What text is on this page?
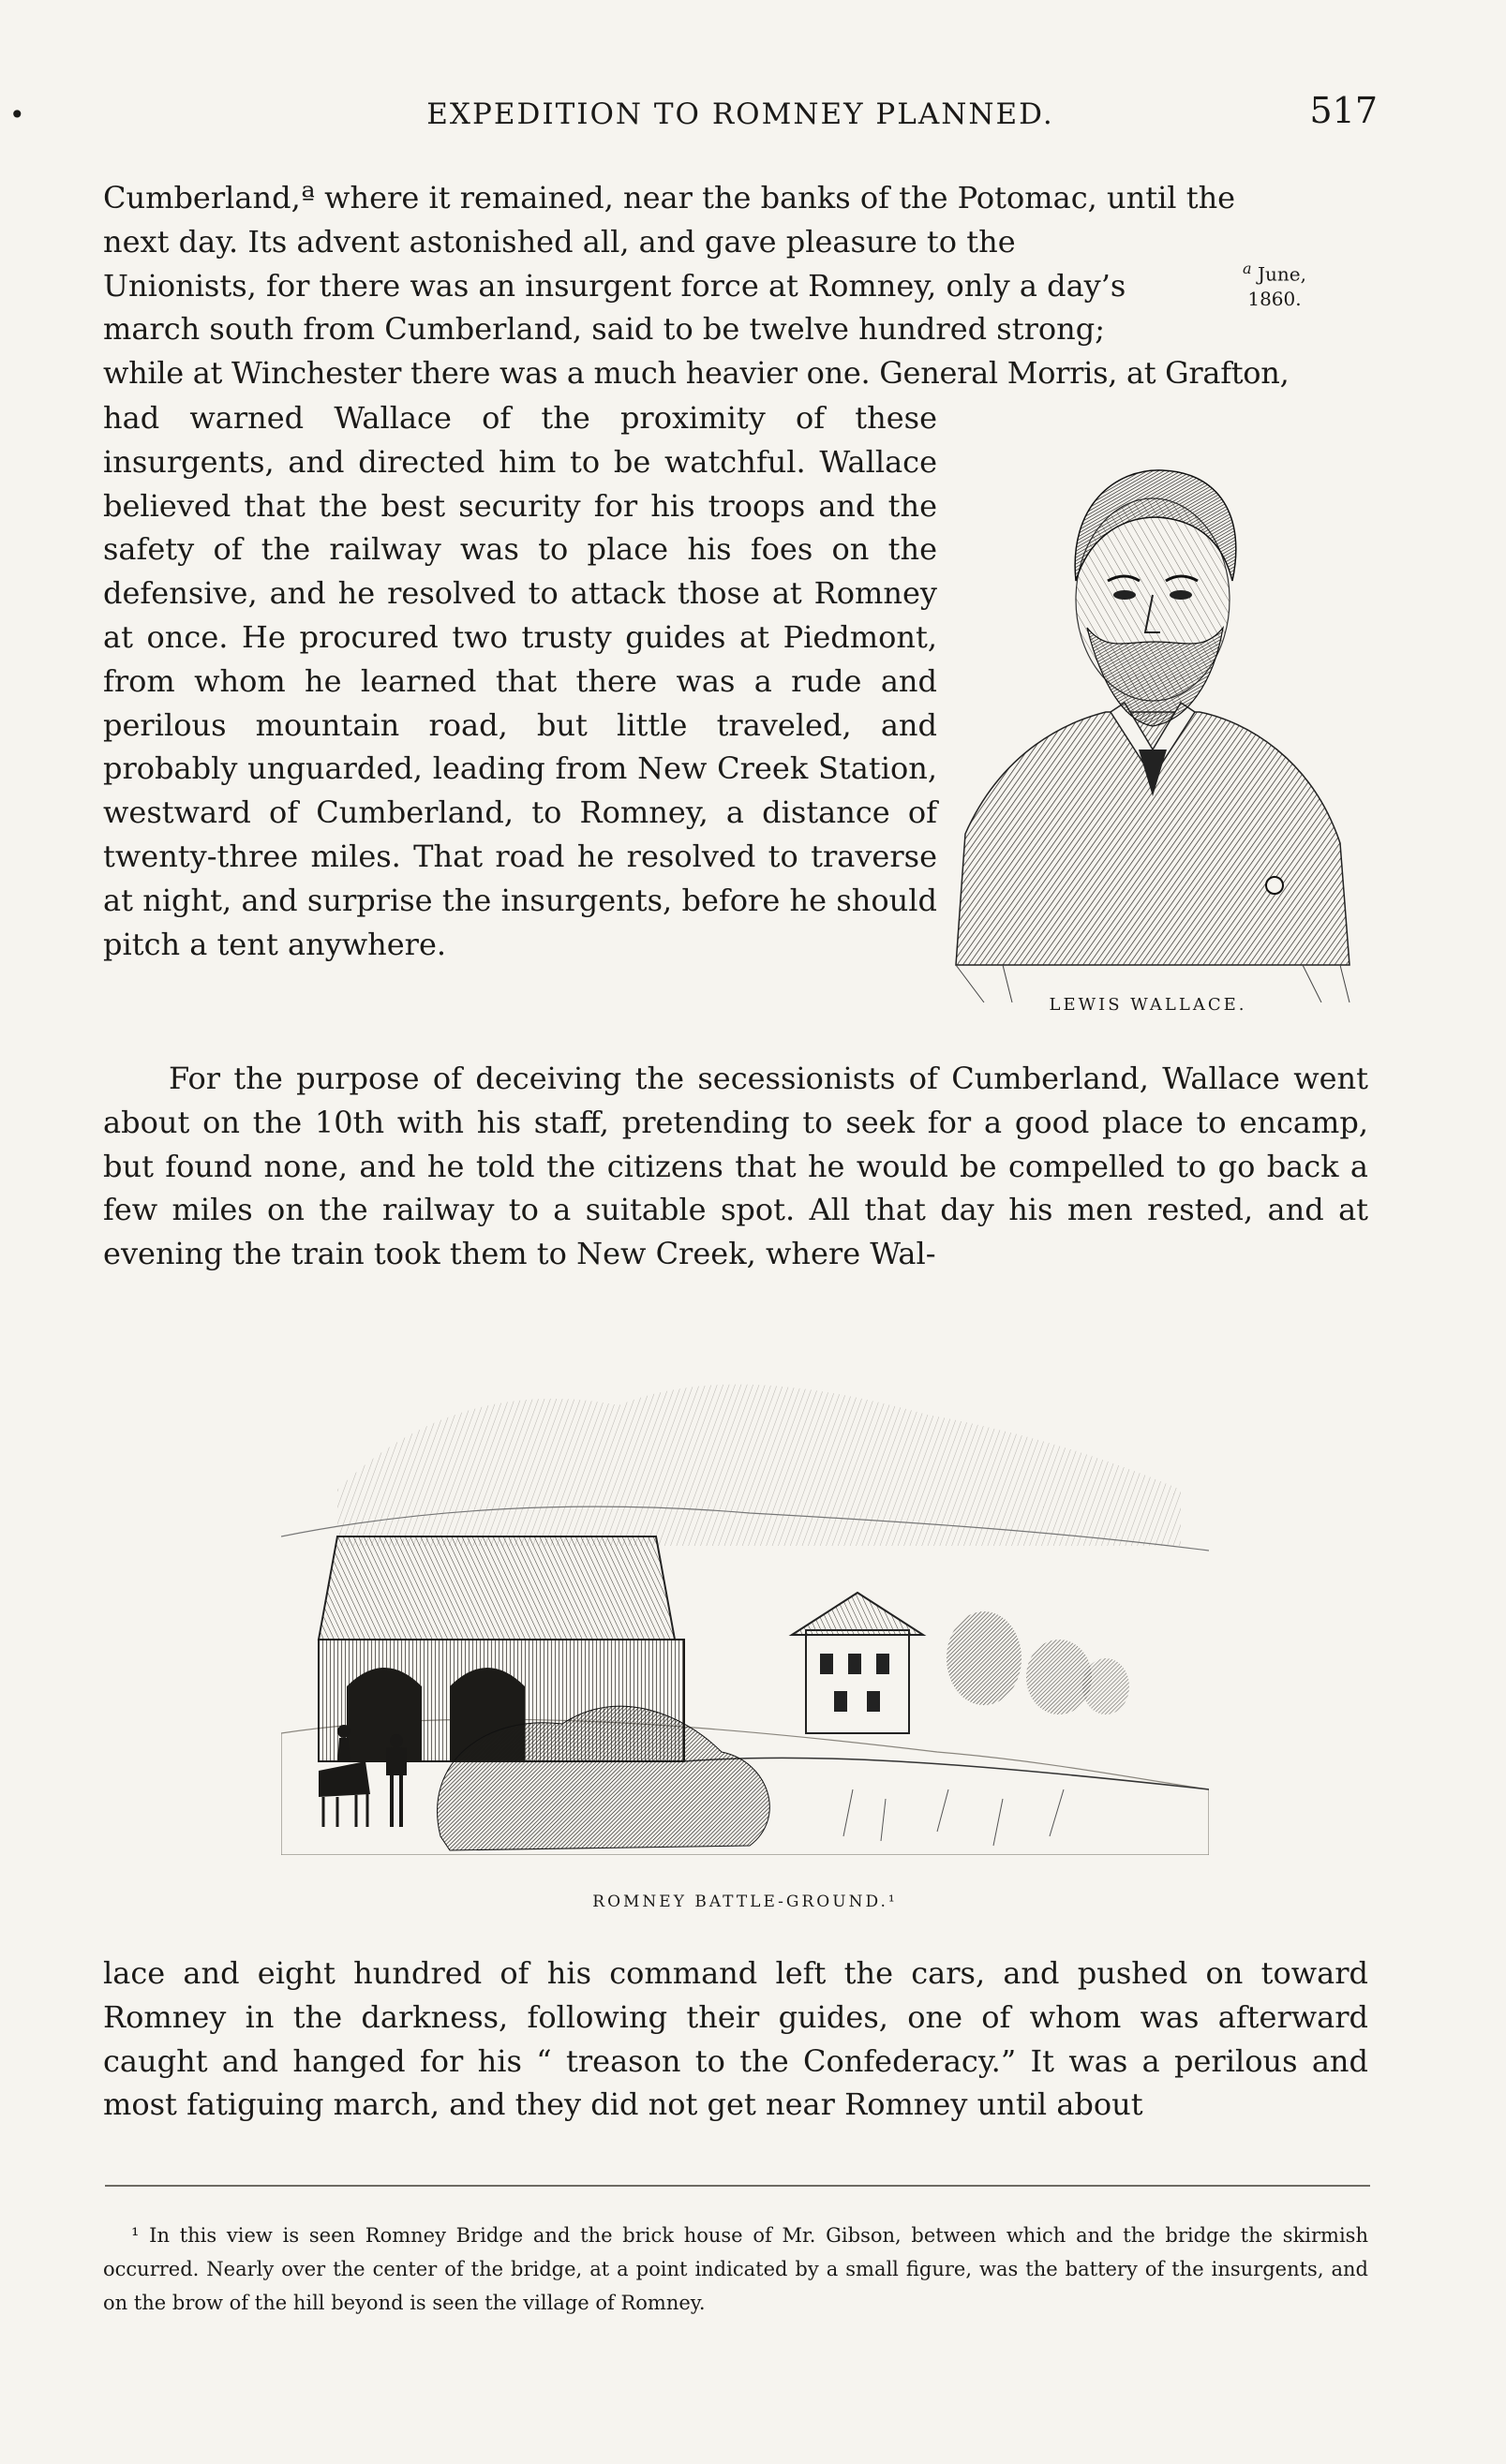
•	EXPEDITION TO ROMNEY PLANNED.	517

Cumberland,ª where it remained, near the banks of the Potomac, until the

next day. Its advent astonished all, and gave pleasure to the

Unionists, for there was an insurgent force at Romney, only a day’s

march south from Cumberland, said to be twelve hundred strong;

while at Winchester there was a much heavier one. General Morris, at Grafton,

$^a$ June,
1860.

had warned Wallace of the proximity of these insurgents, and directed him to be watchful. Wallace believed that the best security for his troops and the safety of the railway was to place his foes on the defensive, and he resolved to attack those at Romney at once. He procured two trusty guides at Piedmont, from whom he learned that there was a rude and perilous mountain road, but little traveled, and probably unguarded, leading from New Creek Station, westward of Cumberland, to Romney, a distance of twenty-three miles. That road he resolved to traverse at night, and surprise the insurgents, before he should pitch a tent anywhere.

LEWIS WALLACE.

For the purpose of deceiving the secessionists of Cumberland, Wallace went about on the 10th with his staff, pretending to seek for a good place to encamp, but found none, and he told the citizens that he would be compelled to go back a few miles on the railway to a suitable spot. All that day his men rested, and at evening the train took them to New Creek, where Wal-

ROMNEY BATTLE-GROUND.¹

lace and eight hundred of his command left the cars, and pushed on toward Romney in the darkness, following their guides, one of whom was afterward caught and hanged for his “ treason to the Confederacy.” It was a perilous and most fatiguing march, and they did not get near Romney until about

¹ In this view is seen Romney Bridge and the brick house of Mr. Gibson, between which and the bridge the skirmish occurred. Nearly over the center of the bridge, at a point indicated by a small figure, was the battery of the insurgents, and on the brow of the hill beyond is seen the village of Romney.
